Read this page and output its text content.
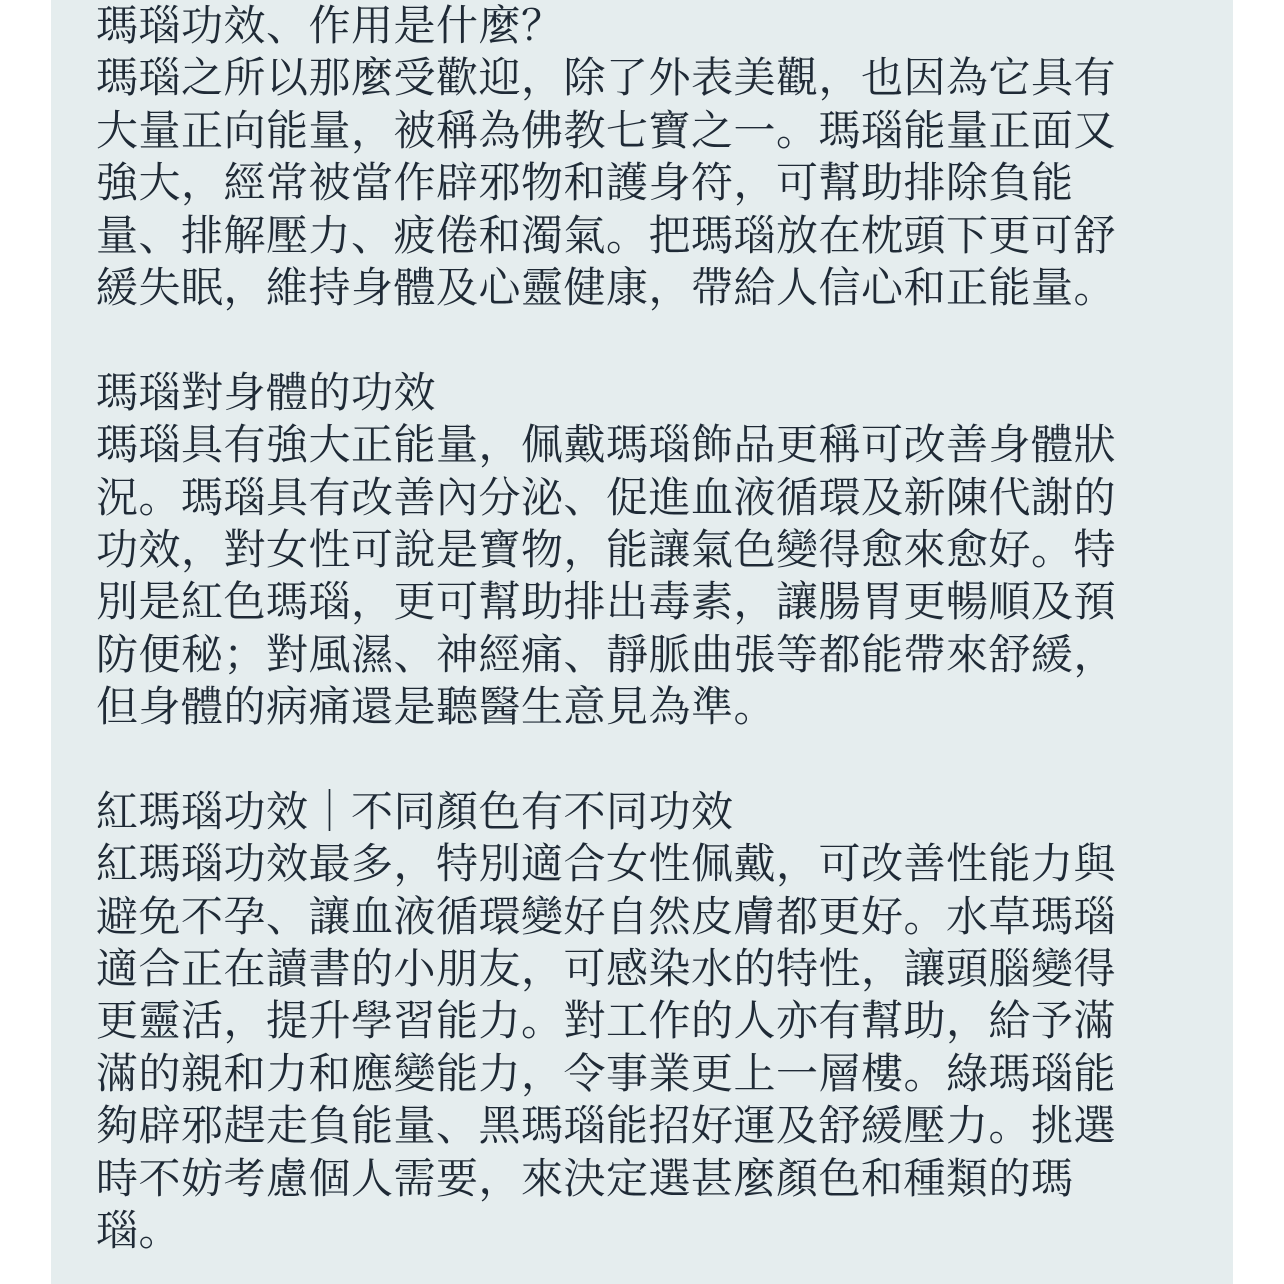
瑪瑙功效、作用是什麼？
瑪瑙之所以那麼受歡迎，除了外表美觀，也因為它具有
大量正向能量，被稱為佛教七寶之一。瑪瑙能量正面又
強大，經常被當作辟邪物和護身符，可幫助排除負能
量、排解壓力、疲倦和濁氣。把瑪瑙放在枕頭下更可舒
緩失眠，維持身體及心靈健康，帶給人信心和正能量。
瑪瑙對身體的功效
瑪瑙具有強大正能量，佩戴瑪瑙飾品更稱可改善身體狀
況。瑪瑙具有改善內分泌、促進血液循環及新陳代謝的
功效，對女性可說是寶物，能讓氣色變得愈來愈好。特
別是紅色瑪瑙，更可幫助排出毒素，讓腸胃更暢順及預
防便秘；對風濕、神經痛、靜脈曲張等都能帶來舒緩，
但身體的病痛還是聽醫生意見為準。
紅瑪瑙功效｜不同顏色有不同功效
紅瑪瑙功效最多，特別適合女性佩戴，可改善性能力與
避免不孕、讓血液循環變好自然皮膚都更好。水草瑪瑙
適合正在讀書的小朋友，可感染水的特性，讓頭腦變得
更靈活，提升學習能力。對工作的人亦有幫助，給予滿
滿的親和力和應變能力，令事業更上一層樓。綠瑪瑙能
夠辟邪趕走負能量、黑瑪瑙能招好運及舒緩壓力。挑選
時不妨考慮個人需要，來決定選甚麼顏色和種類的瑪
瑙。
